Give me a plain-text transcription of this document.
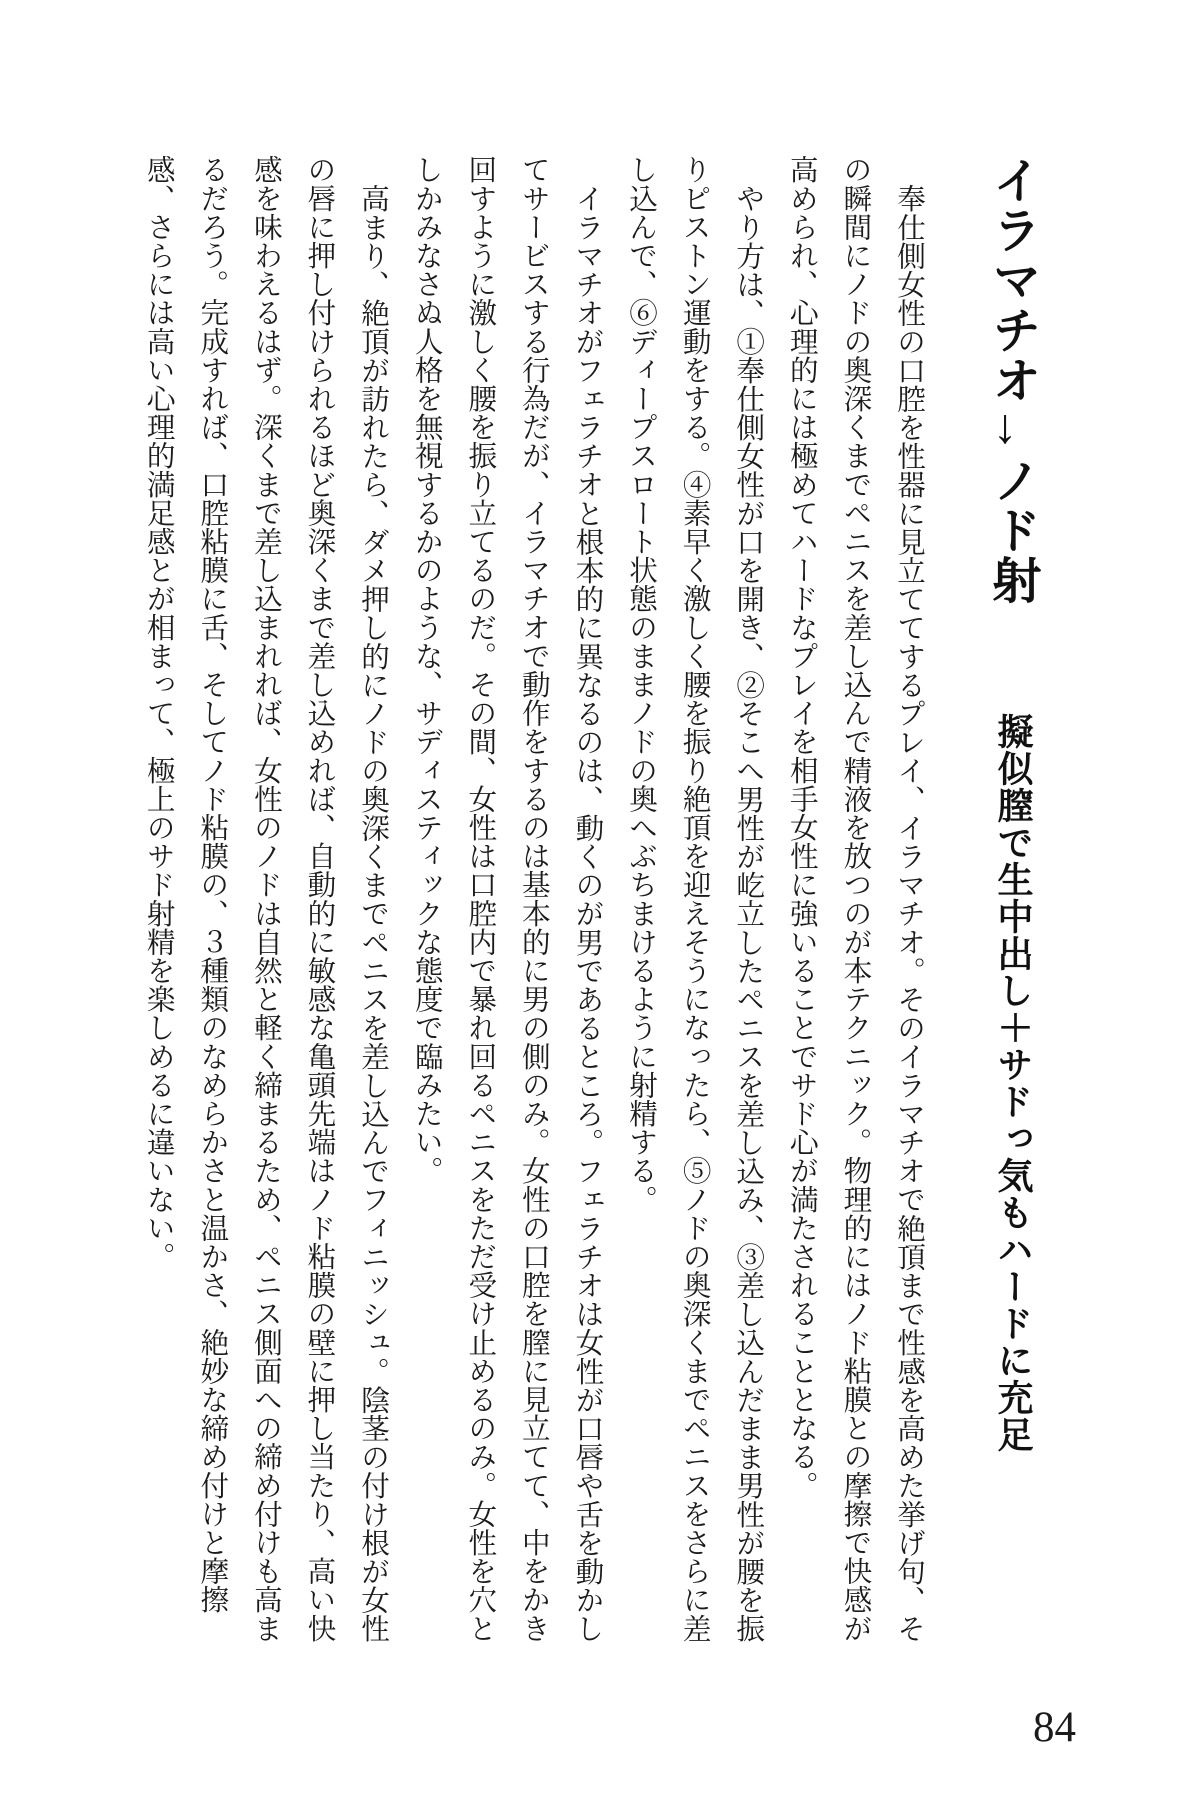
イラマチオ→ノド射 擬似膣で生中出し＋サドっ気もハードに充足

奉仕側女性の口腔を性器に見立ててするプレイ、イラマチオ。そのイラマチオで絶頂まで性感を高めた挙げ句、その瞬間にノドの奥深くまでペニスを差し込んで精液を放つのが本テクニック。物理的にはノド粘膜との摩擦で快感が高められ、心理的には極めてハードなプレイを相手女性に強いることでサド心が満たされることとなる。

やり方は、①奉仕側女性が口を開き、②そこへ男性が屹立したペニスを差し込み、③差し込んだまま男性が腰を振りピストン運動をする。④素早く激しく腰を振り絶頂を迎えそうになったら、⑤ノドの奥深くまでペニスをさらに差し込んで、⑥ディープスロート状態のままノドの奥へぶちまけるように射精する。

イラマチオがフェラチオと根本的に異なるのは、動くのが男であるところ。フェラチオは女性が口唇や舌を動かしてサービスする行為だが、イラマチオで動作をするのは基本的に男の側のみ。女性の口腔を膣に見立てて、中をかき回すように激しく腰を振り立てるのだ。その間、女性は口腔内で暴れ回るペニスをただ受け止めるのみ。女性を穴としかみなさぬ人格を無視するかのような、サディスティックな態度で臨みたい。

高まり、絶頂が訪れたら、ダメ押し的にノドの奥深くまでペニスを差し込んでフィニッシュ。陰茎の付け根が女性の唇に押し付けられるほど奥深くまで差し込めれば、自動的に敏感な亀頭先端はノド粘膜の壁に押し当たり、高い快感を味わえるはず。深くまで差し込まれれば、女性のノドは自然と軽く締まるため、ペニス側面への締め付けも高まるだろう。完成すれば、口腔粘膜に舌、そしてノド粘膜の、３種類のなめらかさと温かさ、絶妙な締め付けと摩擦感、さらには高い心理的満足感とが相まって、極上のサド射精を楽しめるに違いない。

84
